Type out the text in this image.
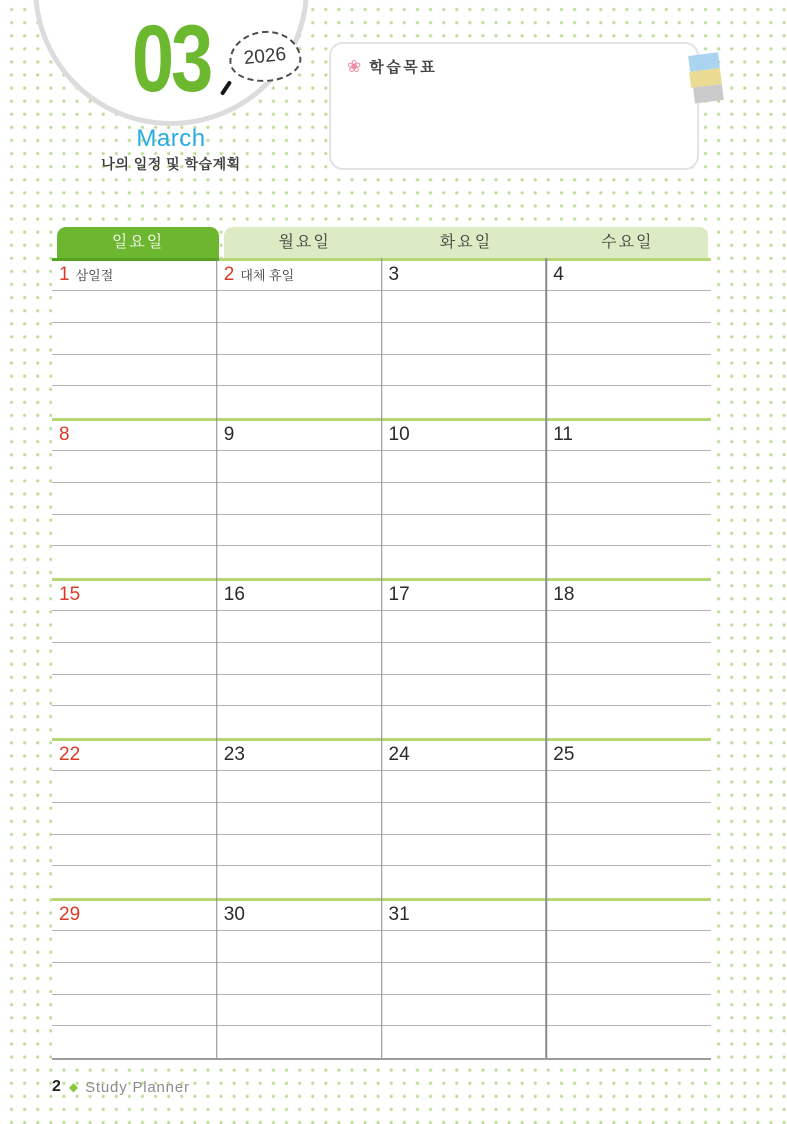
03	2026
March
나의 일정 및 학습계획
❀ 학습목표
일요일	월요일	화요일	수요일
1 삼일절	2 대체 휴일	3	4
8	9	10	11
15	16	17	18
22	23	24	25
29	30	31
2 ◆ Study Planner
